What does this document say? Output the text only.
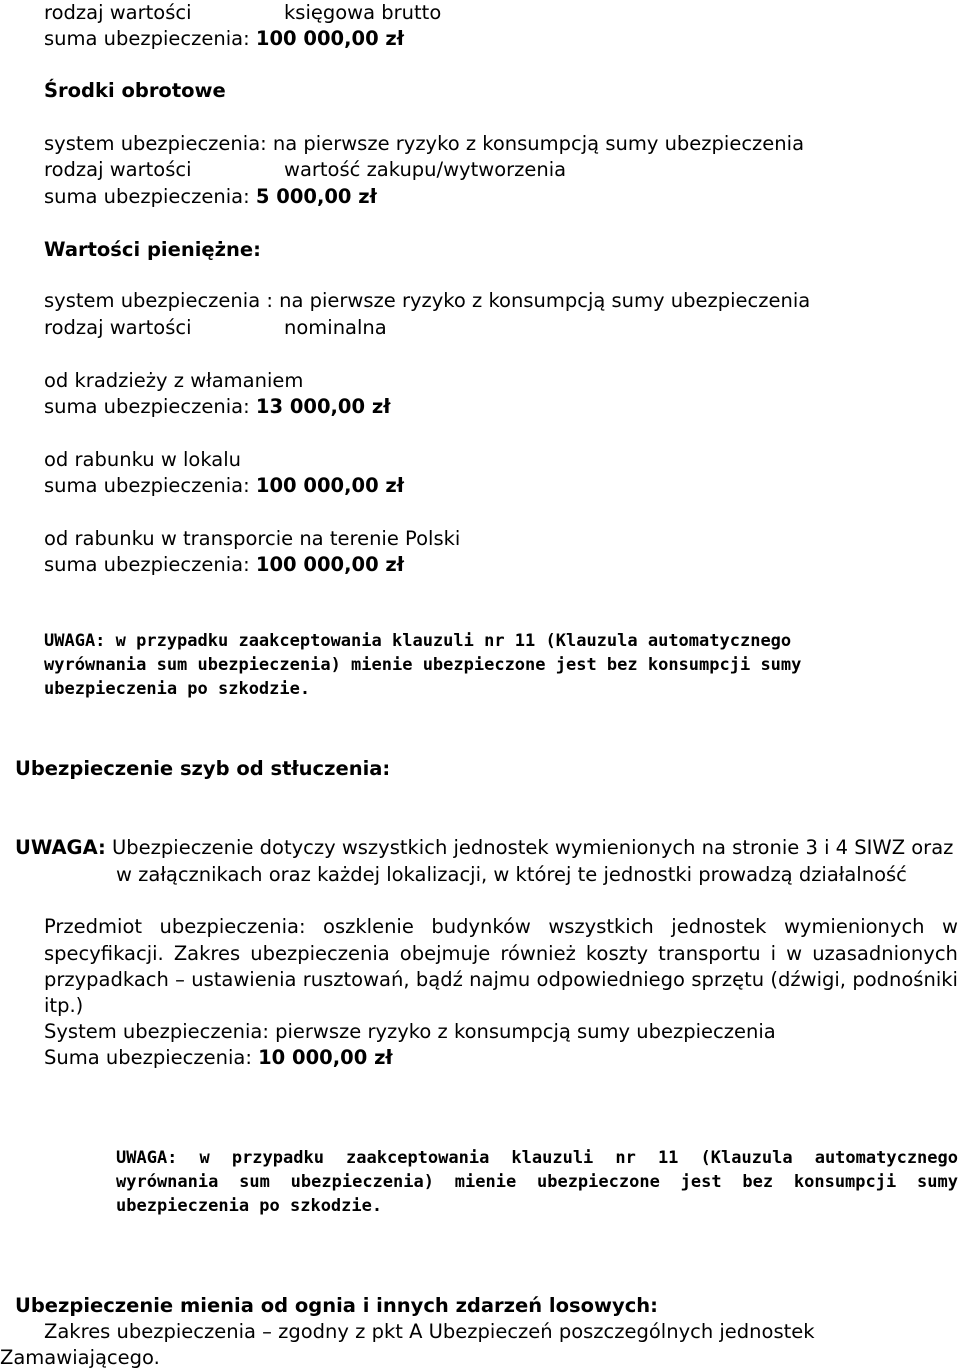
rodzaj wartości	księgowa brutto
suma ubezpieczenia: 100 000,00 zł
Środki obrotowe
system ubezpieczenia: na pierwsze ryzyko z konsumpcją sumy ubezpieczenia
rodzaj wartości	wartość zakupu/wytworzenia
suma ubezpieczenia: 5 000,00 zł
Wartości pieniężne:
system ubezpieczenia : na pierwsze ryzyko z konsumpcją sumy ubezpieczenia
rodzaj wartości	nominalna
od kradzieży z włamaniem
suma ubezpieczenia: 13 000,00 zł
od rabunku w lokalu
suma ubezpieczenia: 100 000,00 zł
od rabunku w transporcie na terenie Polski
suma ubezpieczenia: 100 000,00 zł
UWAGA: w przypadku zaakceptowania klauzuli nr 11 (Klauzula automatycznego
wyrównania sum ubezpieczenia) mienie ubezpieczone jest bez konsumpcji sumy
ubezpieczenia po szkodzie.
Ubezpieczenie szyb od stłuczenia:
UWAGA: Ubezpieczenie dotyczy wszystkich jednostek wymienionych na stronie 3 i 4 SIWZ oraz
w załącznikach oraz każdej lokalizacji, w której te jednostki prowadzą działalność
Przedmiot ubezpieczenia: oszklenie budynków wszystkich jednostek wymienionych w
specyfikacji. Zakres ubezpieczenia obejmuje również koszty transportu i w uzasadnionych
przypadkach – ustawienia rusztowań, bądź najmu odpowiedniego sprzętu (dźwigi, podnośniki
itp.)
System ubezpieczenia: pierwsze ryzyko z konsumpcją sumy ubezpieczenia
Suma ubezpieczenia: 10 000,00 zł
UWAGA: w przypadku zaakceptowania klauzuli nr 11 (Klauzula automatycznego
wyrównania sum ubezpieczenia) mienie ubezpieczone jest bez konsumpcji sumy
ubezpieczenia po szkodzie.
Ubezpieczenie mienia od ognia i innych zdarzeń losowych:
Zakres ubezpieczenia – zgodny z pkt A Ubezpieczeń poszczególnych jednostek
Zamawiającego.
